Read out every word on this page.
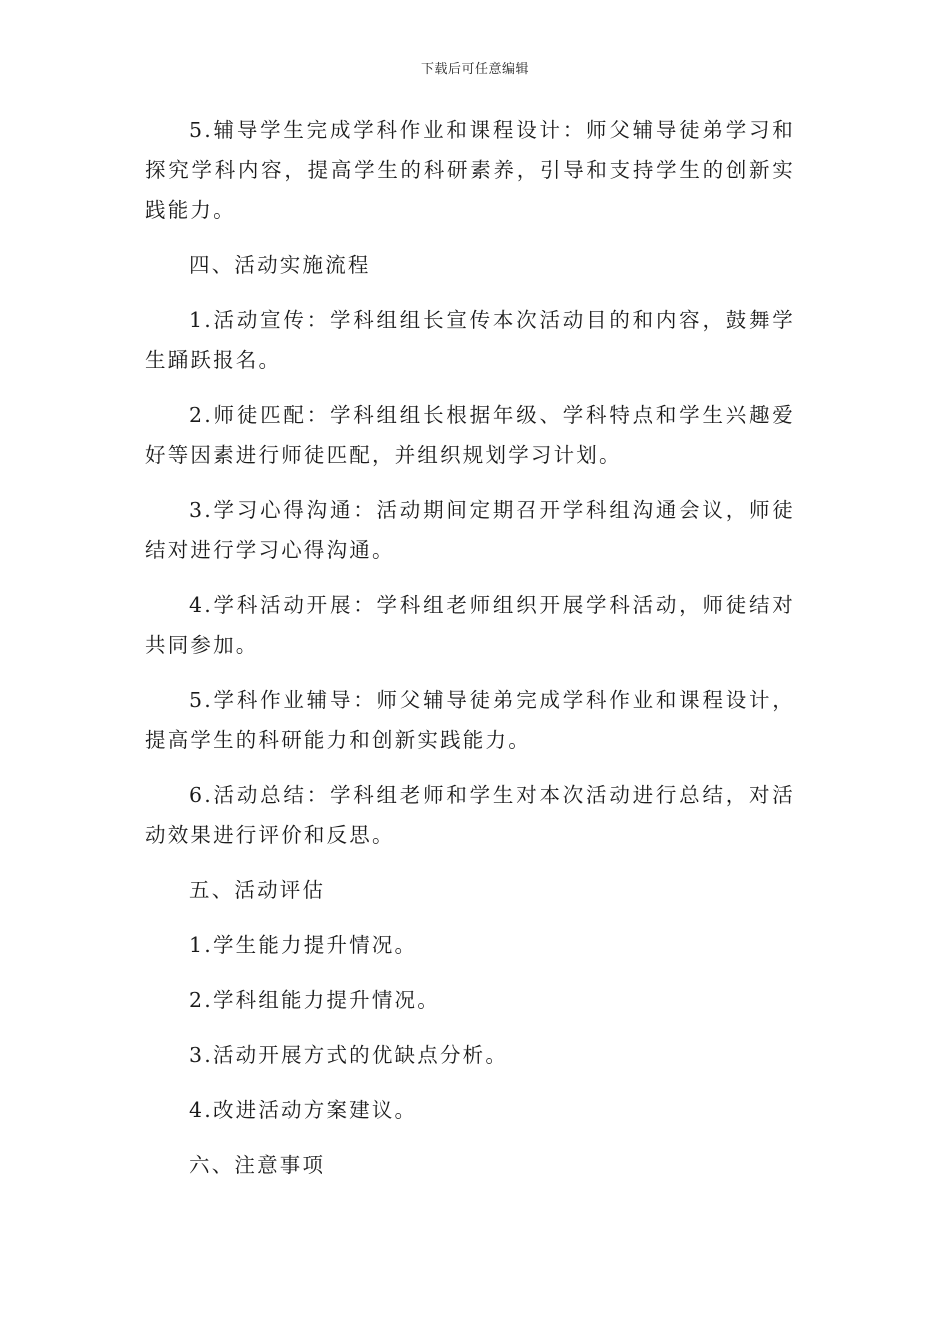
下载后可任意编辑

5.辅导学生完成学科作业和课程设计：师父辅导徒弟学习和探究学科内容，提高学生的科研素养，引导和支持学生的创新实践能力。

四、活动实施流程

1.活动宣传：学科组组长宣传本次活动目的和内容，鼓舞学生踊跃报名。

2.师徒匹配：学科组组长根据年级、学科特点和学生兴趣爱好等因素进行师徒匹配，并组织规划学习计划。

3.学习心得沟通：活动期间定期召开学科组沟通会议，师徒结对进行学习心得沟通。

4.学科活动开展：学科组老师组织开展学科活动，师徒结对共同参加。

5.学科作业辅导：师父辅导徒弟完成学科作业和课程设计，提高学生的科研能力和创新实践能力。

6.活动总结：学科组老师和学生对本次活动进行总结，对活动效果进行评价和反思。

五、活动评估

1.学生能力提升情况。

2.学科组能力提升情况。

3.活动开展方式的优缺点分析。

4.改进活动方案建议。

六、注意事项
